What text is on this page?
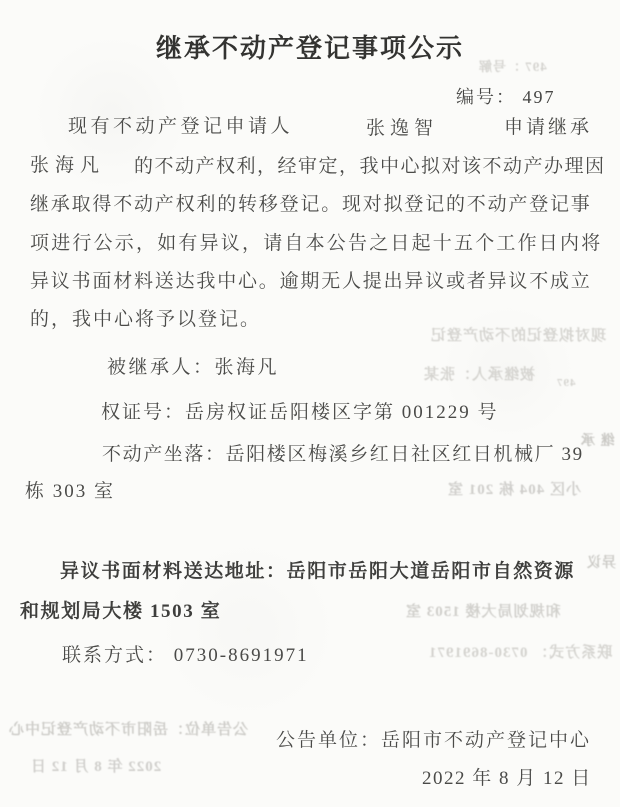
497 ：号解
现对拟登记的不动产登记
被继承人：张某 497
继 承
小区 404 栋 201 室
异议
和规划局大楼 1503 室
联系方式： 0730-8691971
公告单位：岳阳市不动产登记中心
2022 年 8 月 12 日
继承不动产登记事项公示
编号： 497
现有不动产登记申请人	张逸智	申请继承
张海凡 的不动产权利，经审定，我中心拟对该不动产办理因
继承取得不动产权利的转移登记。现对拟登记的不动产登记事
项进行公示，如有异议，请自本公告之日起十五个工作日内将
异议书面材料送达我中心。逾期无人提出异议或者异议不成立
的，我中心将予以登记。
被继承人：张海凡
权证号：岳房权证岳阳楼区字第 001229 号
不动产坐落：岳阳楼区梅溪乡红日社区红日机械厂 39
栋 303 室
异议书面材料送达地址：岳阳市岳阳大道岳阳市自然资源
和规划局大楼 1503 室
联系方式： 0730-8691971
公告单位：岳阳市不动产登记中心
2022 年 8 月 12 日
